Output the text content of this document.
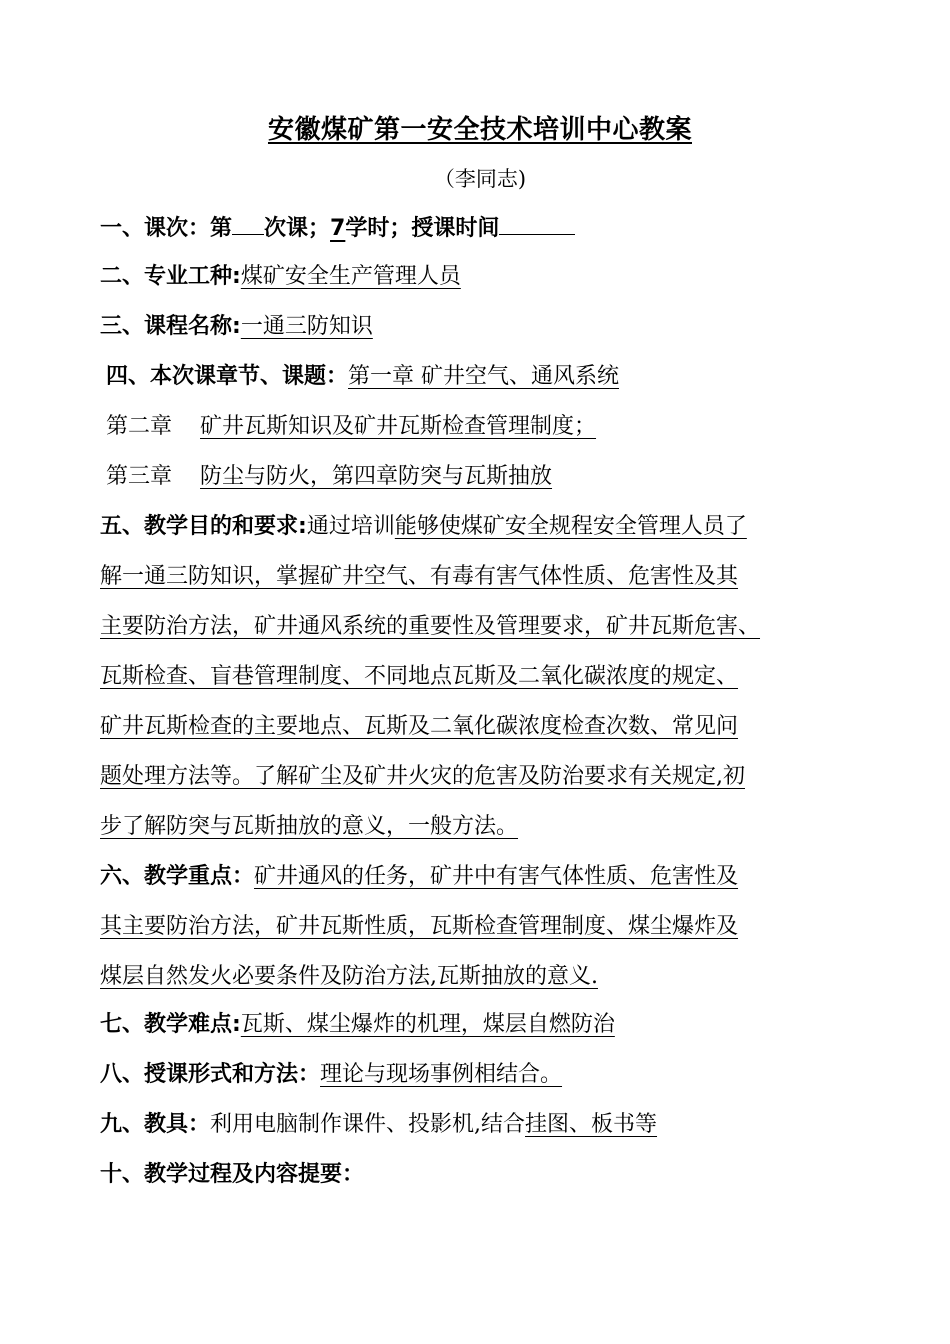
安徽煤矿第一安全技术培训中心教案
（李同志)
一、课次：第 次课；7学时；授课时间
二、专业工种:煤矿安全生产管理人员
三、课程名称:一通三防知识
四、本次课章节、课题：第一章 矿井空气、通风系统
第二章 矿井瓦斯知识及矿井瓦斯检查管理制度；
第三章 防尘与防火，第四章防突与瓦斯抽放
五、教学目的和要求:通过培训能够使煤矿安全规程安全管理人员了
解一通三防知识，掌握矿井空气、有毒有害气体性质、危害性及其
主要防治方法，矿井通风系统的重要性及管理要求，矿井瓦斯危害、
瓦斯检查、盲巷管理制度、不同地点瓦斯及二氧化碳浓度的规定、
矿井瓦斯检查的主要地点、瓦斯及二氧化碳浓度检查次数、常见问
题处理方法等。了解矿尘及矿井火灾的危害及防治要求有关规定,初
步了解防突与瓦斯抽放的意义，一般方法。
六、教学重点：矿井通风的任务，矿井中有害气体性质、危害性及
其主要防治方法，矿井瓦斯性质，瓦斯检查管理制度、煤尘爆炸及
煤层自然发火必要条件及防治方法,瓦斯抽放的意义.
七、教学难点:瓦斯、煤尘爆炸的机理，煤层自燃防治
八、授课形式和方法：理论与现场事例相结合。
九、教具：利用电脑制作课件、投影机,结合挂图、板书等
十、教学过程及内容提要：
